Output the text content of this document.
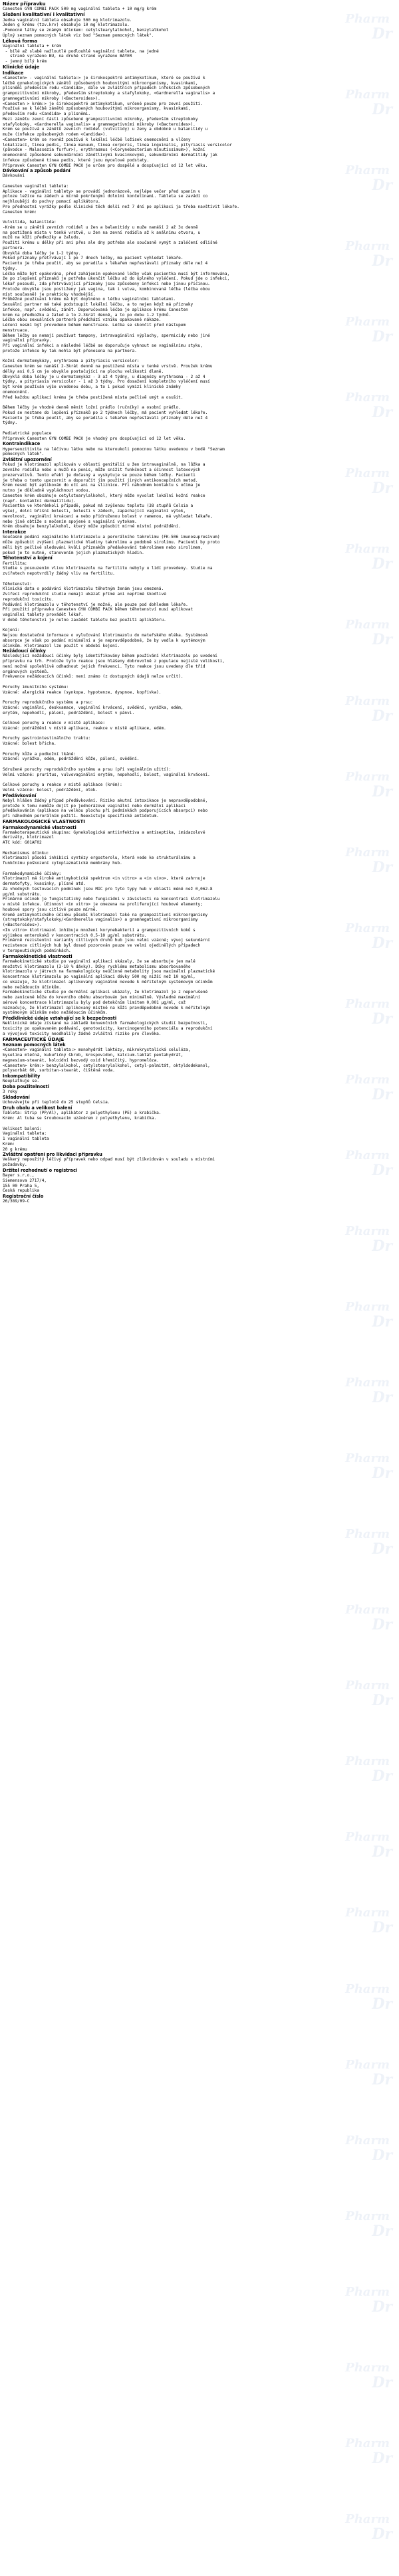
Název přípravku
Canesten GYN COMBI PACK 500 mg vaginální tableta + 10 mg/g krém
Složení kvalitativní i kvalitativní
Jedna vaginální tableta obsahuje 500 mg klotrimazolu.
Jeden g krému (tzv.krv) obsahuje 10 mg klotrimazolu.
-Pomocné látky se známým účinkem: cetylstearylalkohol, benzylalkohol
Úplný seznam pomocných látek viz bod "Seznam pomocných látek".
Léková forma
Vaginální tableta + krém
- bílé až slabě nažloutlé podlouhlé vaginální tableta, na jedné
straně vyraženo BU, na druhé straně vyraženo BAYER
- jemný bílý krém
Klinické údaje
Indikace
<Canesten> - vaginální tableta:> je širokospektré antimykotikum, které se používá k
léčbě gynekologických zánětů způsobených houbovitými mikroorganismy, kvasinkami,
plísněmi především rodu <Candida>, dále ve zvláštních případech infekcích způsobených
grampozitivními mikroby, především streptokoky a stafylokoky, <Gardnerella vaginalis> a
gramnegativními mikroby (<Bacteroides>).
<Canesten > krém:> je širokospektré antimykotikum, určené pouze pro zevní použití.
Používá se k léčbě zánětů způsobených houbovitými mikroorganismy, kvasinkami,
především rodu <Candida> a plísněmi.
Mezi zánětu zevní části způsobené grampozitivními mikroby, především streptokoky
stafylokoky, <Gardnerella vaginalis> a gramnegativními mikroby (<Bacteroides>).
Krém se používá u zánětů zevních rodidel (vulvitidy) u ženy a obdobně u balanitidy u
muže (infekce způsobených rodem <Candida>).
<Canesten> krém se rovněž používá k lokální léčbě ložisek onemocnění a vlčeny
lokalizací, tinea pedis, tinea manuum, tinea corporis, tinea inguinalis, pityriasis versicolor
(původce - Malassezia furfur>), erythrasmus (<Corynebacterium minutissimum>), kožní
onemocnění způsobené sekundárními zánětlivými kvasinkovými, sekundárními dermatitidy jak
infekce způsobené tinea pedis, které jsou mycelové podstaty.
Přípravek Canesten GYN COMBI PACK je určen pro dospělé a dospívající od 12 let věku.
Dávkování a způsob podání
Dávkování

Canesten vaginální tableta:
Aplikace - vaginální tablety> se provádí jednorázově, nejlépe večer před spaním v
poloze ležíce na zádech a mírně pokrčenými dolními končetinami. Tableta se zavádí co
nejhlouběji do pochvy pomocí aplikátoru.
Pro přednostní vyrážky podle klinické těch delší než 7 dní po aplikaci ja třeba navštívit lékaře.
Canesten krém:

Vulvitida, balanitida:
-Krém se u zánětů zevních rodidel u žen a balanitidy u muže nanáší 2 až 3x denně
na postižená místa v tenké vrstvě, u žen na zevní rodidla až k análnímu otvoru, u
mužů na kůži předkožky a žaludu.
Použití krému u délky při ani přes ale dny potřeba ale současně vymýt a zaléčení odlišné
partnera.
Obvyklá doba léčby je 1-2 týdny.
Pokud příznaky přetrvávají i po 7 dnech léčby, ma pacient vyhledat lékaře.
Pacientu je třeba poučit, aby se poradila s lékařem nepřestávali příznaky déle než 4
týdny.
Léčba může být opakována, před zahájením opakované léčby však pacientka musí být informována,
že po zlepšení příznaků je potřeba ukončit léčbu až do úplného vyléčení. Pokud jde o infekci,
lékař posoudí, zda přetrvávající příznaky jsou způsobeny infekcí nebo jinou příčinou.
Protože obvykle jsou postiženy jak vagina, tak i vulva, kombinovaná léčba (léčba obou
míst současně) je prakticky vhodnější.
Průběžné používání krému má být doplněno o léčbu vaginálními tabletami.
Sexuální partner má také podstoupit lokální léčbu, a to nejen když má příznaky
infekce, např. svědění, zánět. Doporučovaná léčba je aplikace krému Canesten
krém na předkožku a žalud a to 2-3krát denně, a to po dobu 1-2 týdnů.
Léčba obou sexuálních partnerů předchází vzniku opakované nákaze.
Léčení nesmí být provedeno během menstruace. Léčba se skončit před nástupem
menstruace.
Během léčby se nemají používat tampony, intravaginální výplachy, spermicidy nebo jiné
vaginální přípravky.
Při vaginální infekci a následné léčbě se doporučuje vyhnout se vaginálnímu styku,
protože infekce by tak mohla být přenesena na partnera.

Kožní dermatomykózy, erythrasma a pityriasis versicolor:
Canesten krém se nanáší 2-3krát denně na postižená místa v tenké vrstvě. Proužek krému
délky asi 0,5 cm je obvykle postačující na plochu velikosti dlaně.
Obvyklá doba léčby je u dermatomykóz - 3 až 4 týdny, u diagnózy erythrasma - 2 až 4
týdny, a pityriasis versicolor - 1 až 3 týdny. Pro dosažení kompletního vyléčení musí
být krém používán výše uvedenou dobu, a to i pokud vymizí klinické známky
onemocnění.
Před každou aplikací krému je třeba postižená místa pečlivě umýt a osušit.

Během léčby je vhodné denně měnit ložní prádlo (ručníky) a osobní prádlo.
Pokud se nestane do lepšení příznaků po 2 týdnech léčby, má pacient vyhledat lékaře.
Pacientu je třeba poučit, aby se poradila s lékařem nepřestávali příznaky déle než 4
týdny.

Pediatrická populace
Přípravek Canesten GYN COMBI PACK je vhodný pro dospívající od 12 let věku.
Kontraindikace
Hypersenzitivita na léčivou látku nebo na kteroukoli pomocnou látku uvedenou v bodě "Seznam
pomocných látek".
Zvláštní upozornění
Pokud je klotrimazol aplikován v oblasti genitálií u žen intravaginálně, na lůžka a
zevního rodidla nebo u mužů na penis, může snížit funkčnost a účinnost latexových
prezervativů. Tento efekt je dočasný a vyskytuje se pouze během léčby. Pacienti
je třeba o tomto upozornit a doporučit jim použití jiných antikoncepčních metod.
Krém nesmí být aplikován do očí ani na sliznice. Při náhodném kontaktu s očima je
nutno je důkladně vypláchnout vodou.
Canesten krém obsahuje cetylstearylalkohol, který může vyvolat lokální kožní reakce
(např. kontaktní dermatitidu).
Pacientka ve kterémkoli případě, pokud má zvýšenou teplotu (38 stupňů Celsia a
výše), dolní břišní bolesti, bolesti v zádech, zapáchající vaginální výtok,
nevolnost, vaginální krvácení a nebo přidruženou bolest v ramenou, má vyhledat lékaře,
nebo jiné obtíže s močením spojené s vaginální vytokem.
Krém obsahuje benzylalkohol, který může způsobit mírné místní podráždění.
Interakce
Současné podání vaginálního klotrimazolu a perorálního takrolimu (FK-506 imunosupresivum)
může způsobit zvýšení plazmatické hladiny takrolimu a podobně sirolimu. Pacienti by proto
měli být pečlivě sledováni kvůli příznakům předávkování takrolimem nebo sirolimem,
pokud je to nutné, stanovením jejich plazmatických hladin.
Těhotenství a kojení
Fertilita:
Studie s posouzením vlivu klotrimazolu na fertilitu nebyly u lidí provedeny. Studie na
zvířatech nepotvrdily žádný vliv na fertilitu.

Těhotenství:
Klinická data o podávání klotrimazolu těhotným ženám jsou omezená.
Zvířecí reprodukční studie nemají ukázat přímé ani nepřímé škodlivé
reprodukční toxicitu.
Podávání klotrimazolu v těhotenství je možné, ale pouze pod dohledem lékaře.
Při použití přípravku Canesten GYN COMBI PACK během těhotenství musí aplikovat
vaginální tablety provádět lékař.
V době těhotenství je nutno zavádět tabletu bez použití aplikátoru.

Kojení:
Nejsou dostatečné informace o vylučování klotrimazolu do mateřského mléka. Systémová
absorpce je však po podání minimální a je nepravděpodobné, že by vedla k systémovým
účinkům. Klotrimazol lze použít v období kojení.
Nežádoucí účinky
Následující nežádoucí účinky byly identifikovány během používání klotrimazolu po uvedení
přípravku na trh. Protože tyto reakce jsou hlášeny dobrovolně z populace nejisté velikosti,
není možné spolehlivě odhadnout jejich frekvenci. Tyto reakce jsou uvedeny dle tříd
orgánových systémů.
Frekvence nežádoucích účinků: není známo (z dostupných údajů nelze určit).

Poruchy imunitního systému:
Vzácné: alergická reakce (synkopa, hypotenze, dyspnoe, kopřivka).

Poruchy reprodukčního systému a prsu:
Vzácné: vaginální, deskvamace, vaginální krvácení, svědění, vyrážka, edém,
erytém, nepohodlí, pálení, podráždění, bolest v pánvi.

Celkové poruchy a reakce v místě aplikace:
Vzácné: podráždění v místě aplikace, reakce v místě aplikace, edém.

Poruchy gastrointestinálního traktu:
Vzácné: bolest břicha.

Poruchy kůže a podkožní tkáně:
Vzácné: vyrážka, edém, podráždění kůže, pálení, svědění.

Sdružené poruchy reprodukčního systému a prsu (při vaginálním užití):
Velmi vzácné: pruritus, vulvovaginální erytém, nepohodlí, bolest, vaginální krvácení.

Celkové poruchy a reakce v místě aplikace (krém):
Velmi vzácné: bolest, podráždění, otok.
Předávkování
Nebyl hlášen žádný případ předávkování. Riziko akutní intoxikace je nepravděpodobné,
protože k tomu nemůže dojít po jednorázové vaginální nebo dermální aplikaci
předávkováním (aplikace na velkou plochu při podmínkách podporujících absorpci) nebo
při náhodném perorálním požití. Neexistuje specifické antidotum.
FARMAKOLOGICKÉ VLASTNOSTI
Farmakodynamické vlastnosti
Farmakoterapeutická skupina: Gynekologická antiinfektiva a antiseptika, imidazolové
deriváty, klotrimazol
ATC kód: G01AF02

Mechanismus účinku:
Klotrimazol působí inhibicí syntézy ergosterolu, která vede ke strukturálnímu a
funkčnímu poškození cytoplazmatické membrány hub.

Farmakodynamické účinky:
Klotrimazol má široké antimykotické spektrum <in vitro> a <in vivo>, které zahrnuje
dermatofyty, kvasinky, plísně atd.
Za vhodných testovacích podmínek jsou MIC pro tyto typy hub v oblasti méně než 0,062-8
µg/ml substrátu.
Primárně účinek je fungistatický nebo fungicidní v závislosti na koncentraci klotrimazolu
v místě infekce. Účinnost <in vitro> je omezena na proliferující houbové elementy;
houbové spory jsou citlivé pouze mírně.
Kromě antimykotického účinku působí klotrimazol také na grampozitivní mikroorganismy
(streptokoky/stafylokoky/<Gardnerella vaginalis>) a gramnegativní mikroorganismy
(<Bacteroides>).
<In vitro> klotrimazol inhibuje množení korynebakterií a grampozitivních koků s
výjimkou enterokoků v koncentracích 0,5-10 µg/ml substrátu.
Primárně rezistentní varianty citlivých druhů hub jsou velmi vzácné; vývoj sekundární
rezistence citlivých hub byl dosud pozorován pouze ve velmi ojedinělých případech
v terapeutických podmínkách.
Farmakokinetické vlastnosti
Farmakokinetické studie po vaginální aplikaci ukázaly, že se absorbuje jen malé
množství klotrimazolu (3-10 % dávky). Díky rychlému metabolismu absorbovaného
klotrimazolu v játrech na farmakologicky neúčinné metabolity jsou maximální plazmatické
koncentrace klotrimazolu po vaginální aplikaci dávky 500 mg nižší než 10 ng/ml,
co ukazuje, že klotrimazol aplikovaný vaginálně nevede k měřitelným systémovým účinkům
nebo nežádoucím účinkům.
Farmakokinetické studie po dermální aplikaci ukázaly, že klotrimazol je z neporušené
nebo zanícené kůže do krevního oběhu absorbován jen minimálně. Výsledné maximální
sérové koncentrace klotrimazolu byly pod detekčním limitem 0,001 µg/ml, což
naznačuje, že klotrimazol aplikovaný místně na kůži pravděpodobně nevede k měřitelným
systémovým účinkům nebo nežádoucím účinkům.
Předklinické údaje vztahující se k bezpečnosti
Neklinické údaje získané na základě konvenčních farmakologických studií bezpečnosti,
toxicity po opakovaném podávání, genotoxicity, karcinogenního potenciálu a reprodukční
a vývojové toxicity neodhalily žádné zvláštní riziko pro člověka.
FARMACEUTICKÉ ÚDAJE
Seznam pomocných látek
<Canesten> vaginální tableta:> monohydrát laktózy, mikrokrystalická celulóza,
kyselina mléčná, kukuřičný škrob, krospovidon, kalcium-laktát pentahydrát,
magnesium-stearát, koloidní bezvodý oxid křemičitý, hypromelóza.
<Canesten> krém:> benzylalkohol, cetylstearylalkohol, cetyl-palmitát, oktyldodekanol,
polysorbát 60, sorbitan-stearát, čištěná voda.
Inkompatibility
Neuplatňuje se.
Doba použitelnosti
3 roky
Skladování
Uchovávejte při teplotě do 25 stupňů Celsia.
Druh obalu a velikost balení
Tableta: Strip (PP/Al), aplikátor z polyethylenu (PE) a krabička.
Krém: Al tuba se šroubovacím uzávěrem z polyethylenu, krabička.

Velikost balení:
Vaginální tableta:
1 vaginální tableta
Krém:
20 g krému
Zvláštní opatření pro likvidaci přípravku
Veškerý nepoužitý léčivý přípravek nebo odpad musí být zlikvidován v souladu s místními
požadavky.
Držitel rozhodnutí o registraci
Bayer s.r.o.,
Siemensova 2717/4,
155 00 Praha 5,
Česká republika
Registrační číslo
26/389/09-C
Pharm
Dr
Pharm
Dr
Pharm
Dr
Pharm
Dr
Pharm
Dr
Pharm
Dr
Pharm
Dr
Pharm
Dr
Pharm
Dr
Pharm
Dr
Pharm
Dr
Pharm
Dr
Pharm
Dr
Pharm
Dr
Pharm
Dr
Pharm
Dr
Pharm
Dr
Pharm
Dr
Pharm
Dr
Pharm
Dr
Pharm
Dr
Pharm
Dr
Pharm
Dr
Pharm
Dr
Pharm
Dr
Pharm
Dr
Pharm
Dr
Pharm
Dr
Pharm
Dr
Pharm
Dr
Pharm
Dr
Pharm
Dr
Pharm
Dr
Pharm
Dr
